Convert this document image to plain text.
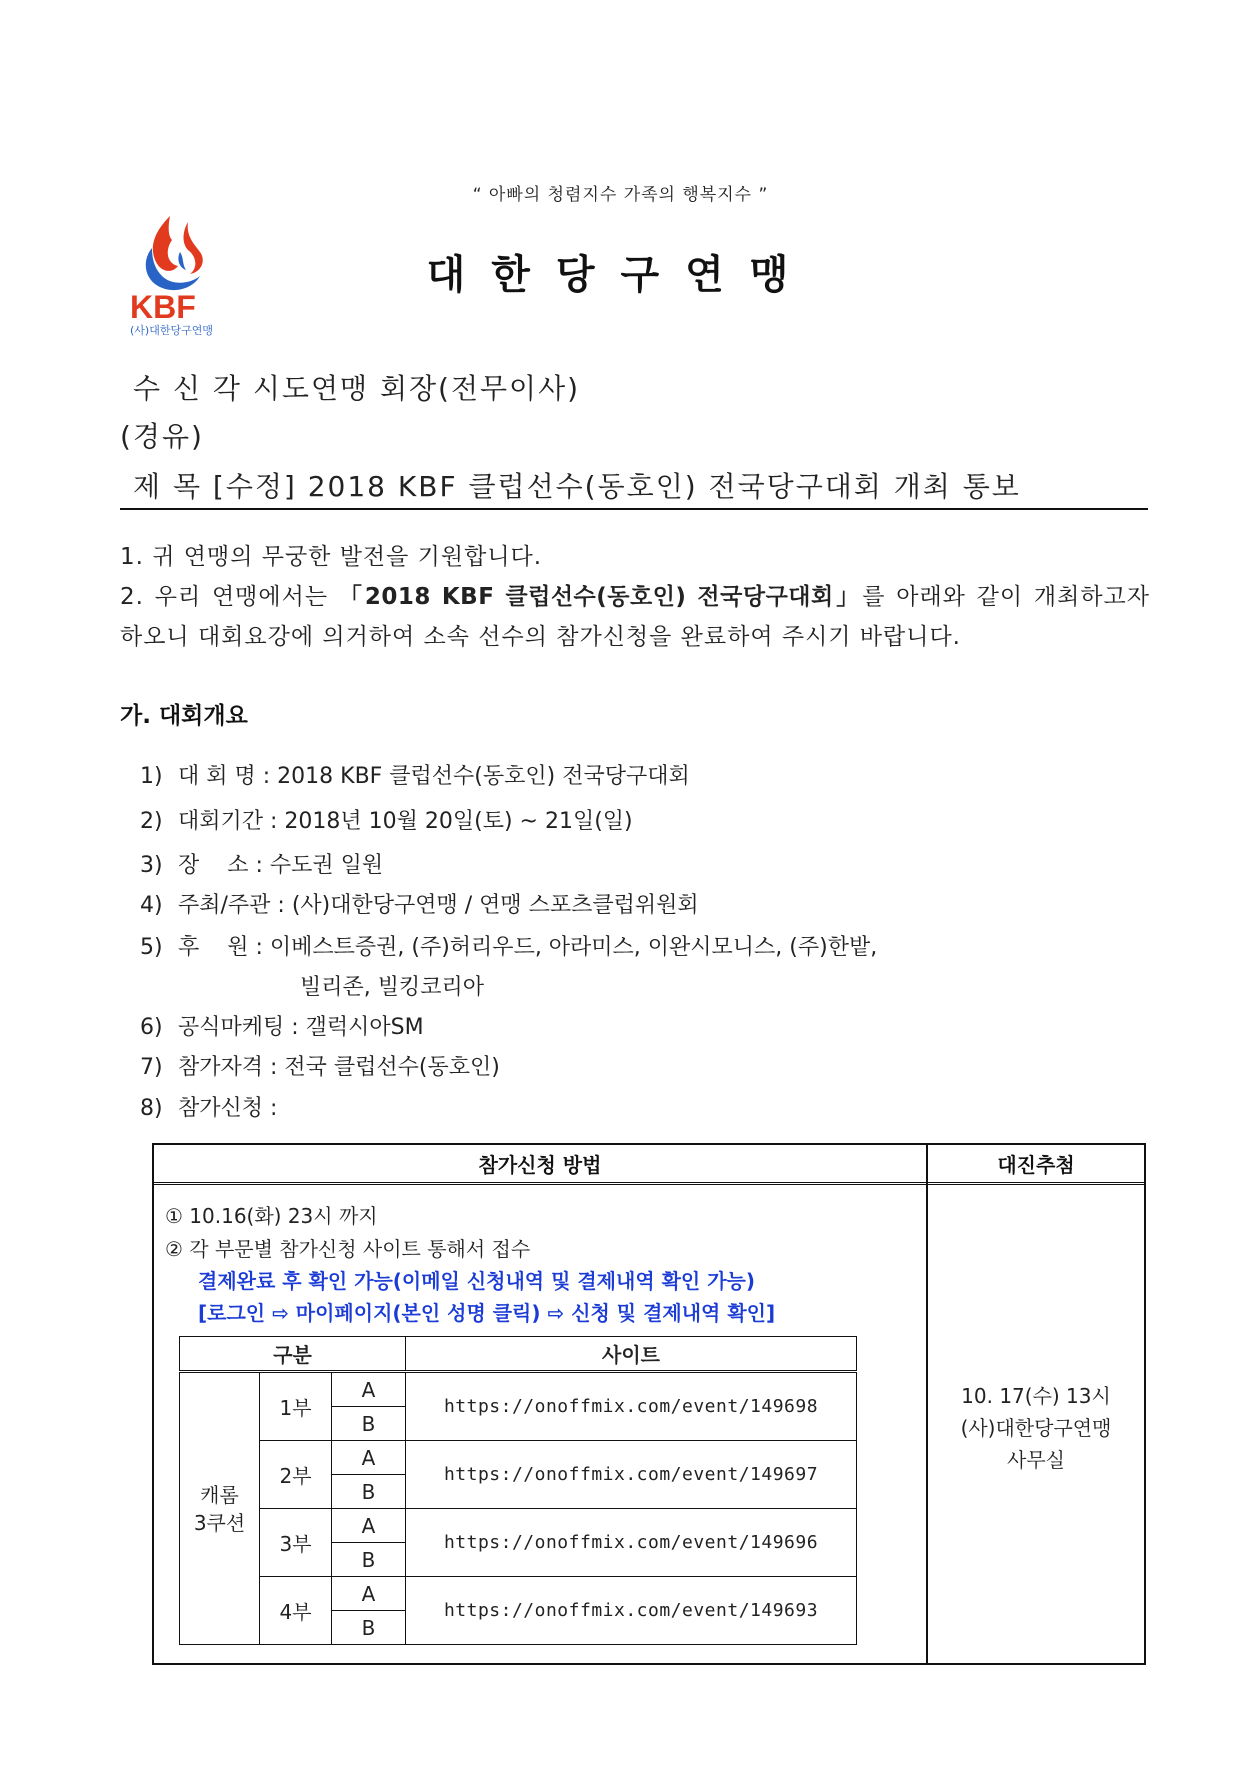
“ 아빠의 청렴지수 가족의 행복지수 ”
KBF
(사)대한당구연맹
대한당구연맹
수 신 각 시도연맹 회장(전무이사)
(경유)
제 목 [수정] 2018 KBF 클럽선수(동호인) 전국당구대회 개최 통보
1. 귀 연맹의 무궁한 발전을 기원합니다.
2. 우리 연맹에서는 「2018 KBF 클럽선수(동호인) 전국당구대회」를 아래와 같이 개최하고자 하오니 대회요강에 의거하여 소속 선수의 참가신청을 완료하여 주시기 바랍니다.
가. 대회개요
1) 대 회 명 : 2018 KBF 클럽선수(동호인) 전국당구대회
2) 대회기간 : 2018년 10월 20일(토) ~ 21일(일)
3) 장    소 : 수도권 일원
4) 주최/주관 : (사)대한당구연맹 / 연맹 스포츠클럽위원회
5) 후    원 : 이베스트증권, (주)허리우드, 아라미스, 이완시모니스, (주)한밭,
빌리존, 빌킹코리아
6) 공식마케팅 : 갤럭시아SM
7) 참가자격 : 전국 클럽선수(동호인)
8) 참가신청 :
참가신청 방법	대진추첨
① 10.16(화) 23시 까지
② 각 부문별 참가신청 사이트 통해서 접수
결제완료 후 확인 가능(이메일 신청내역 및 결제내역 확인 가능)
[로그인 ⇨ 마이페이지(본인 성명 클릭) ⇨ 신청 및 결제내역 확인]
10. 17(수) 13시
(사)대한당구연맹
사무실
구분			사이트
캐롬 3쿠션	1부	A	https://onoffmix.com/event/149698
		B	
	2부	A	https://onoffmix.com/event/149697
		B	
	3부	A	https://onoffmix.com/event/149696
		B	
	4부	A	https://onoffmix.com/event/149693
		B	
